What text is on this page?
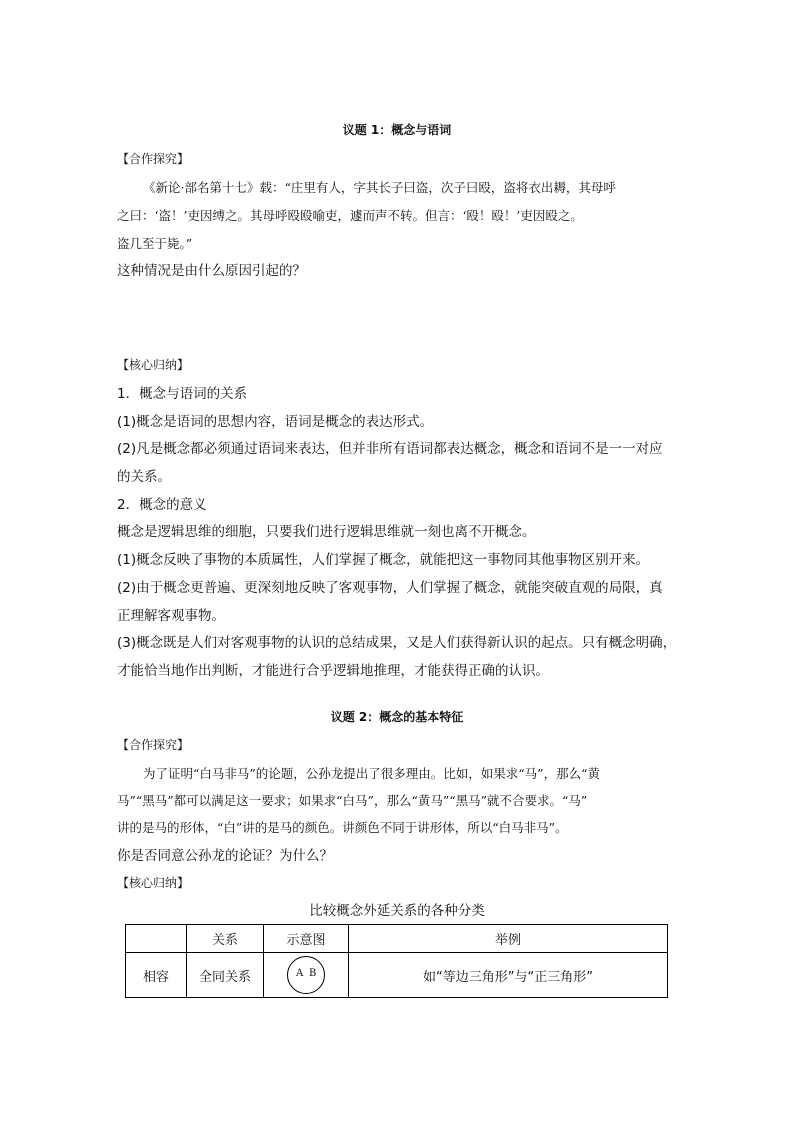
议题 1：概念与语词
【合作探究】
《新论·部名第十七》载：“庄里有人，字其长子曰盗，次子曰殴，盗将衣出耨，其母呼
之曰：‘盗！’吏因缚之。其母呼殴殴喻吏，遽而声不转。但言：‘殴！殴！’吏因殴之。
盗几至于毙。”
这种情况是由什么原因引起的？
【核心归纳】
1．概念与语词的关系
(1)概念是语词的思想内容，语词是概念的表达形式。
(2)凡是概念都必须通过语词来表达，但并非所有语词都表达概念，概念和语词不是一一对应
的关系。
2．概念的意义
概念是逻辑思维的细胞，只要我们进行逻辑思维就一刻也离不开概念。
(1)概念反映了事物的本质属性，人们掌握了概念，就能把这一事物同其他事物区别开来。
(2)由于概念更普遍、更深刻地反映了客观事物，人们掌握了概念，就能突破直观的局限，真
正理解客观事物。
(3)概念既是人们对客观事物的认识的总结成果，又是人们获得新认识的起点。只有概念明确，
才能恰当地作出判断，才能进行合乎逻辑地推理，才能获得正确的认识。
议题 2：概念的基本特征
【合作探究】
为了证明“白马非马”的论题，公孙龙提出了很多理由。比如，如果求“马”，那么“黄
马”“黑马”都可以满足这一要求；如果求“白马”，那么“黄马”“黑马”就不合要求。“马”
讲的是马的形体，“白”讲的是马的颜色。讲颜色不同于讲形体，所以“白马非马”。
你是否同意公孙龙的论证？为什么？
【核心归纳】
比较概念外延关系的各种分类
	关系	示意图	举例
相容	全同关系	A B	如“等边三角形”与“正三角形”
